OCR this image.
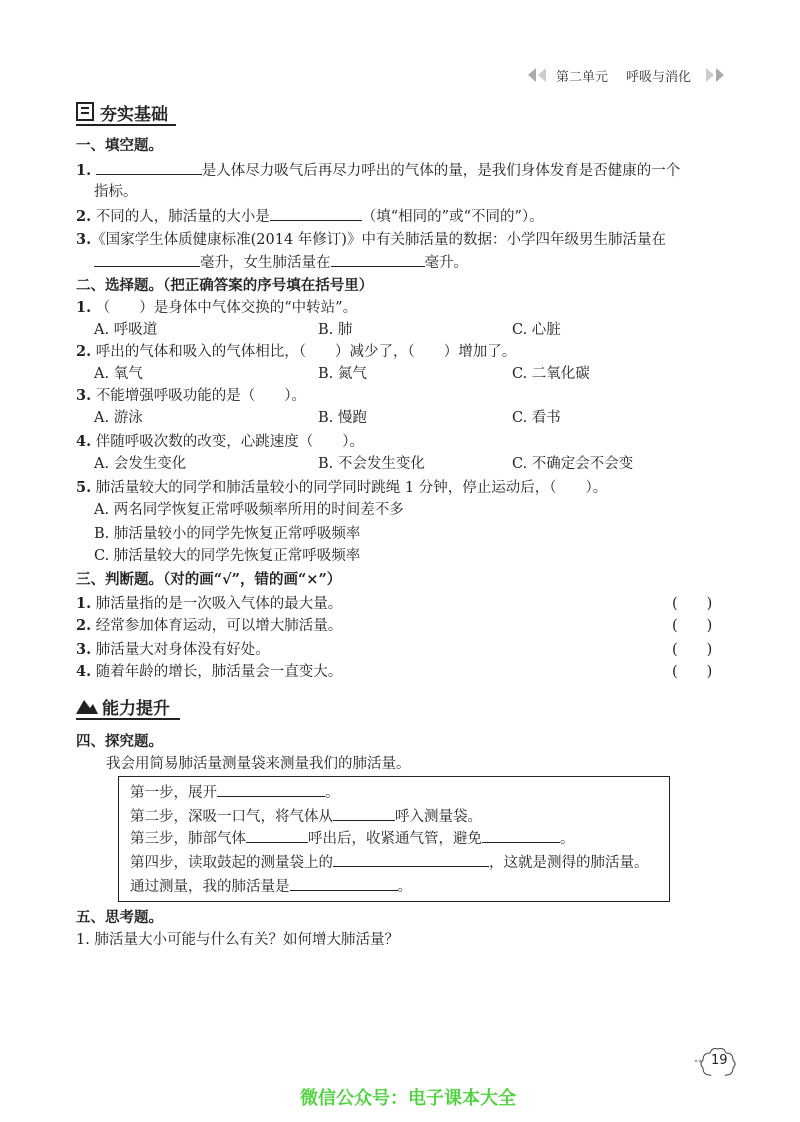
第二单元 呼吸与消化
夯实基础
一、填空题。
1.	是人体尽力吸气后再尽力呼出的气体的量，是我们身体发育是否健康的一个
指标。
2. 不同的人，肺活量的大小是	（填“相同的”或“不同的”）。
3.《国家学生体质健康标准(2014 年修订)》中有关肺活量的数据：小学四年级男生肺活量在
毫升，女生肺活量在	毫升。
二、选择题。（把正确答案的序号填在括号里）
1. （　　）是身体中气体交换的“中转站”。
A. 呼吸道	B. 肺	C. 心脏
2. 呼出的气体和吸入的气体相比，（　　）减少了，（　　）增加了。
A. 氧气	B. 氮气	C. 二氧化碳
3. 不能增强呼吸功能的是（　　）。
A. 游泳	B. 慢跑	C. 看书
4. 伴随呼吸次数的改变，心跳速度（　　）。
A. 会发生变化	B. 不会发生变化	C. 不确定会不会变
5. 肺活量较大的同学和肺活量较小的同学同时跳绳 1 分钟，停止运动后，（　　）。
A. 两名同学恢复正常呼吸频率所用的时间差不多
B. 肺活量较小的同学先恢复正常呼吸频率
C. 肺活量较大的同学先恢复正常呼吸频率
三、判断题。（对的画“√”，错的画“×”）
1. 肺活量指的是一次吸入气体的最大量。	(　　)
2. 经常参加体育运动，可以增大肺活量。	(　　)
3. 肺活量大对身体没有好处。	(　　)
4. 随着年龄的增长，肺活量会一直变大。	(　　)
能力提升
四、探究题。
我会用简易肺活量测量袋来测量我们的肺活量。
第一步，展开	。
第二步，深吸一口气，将气体从	呼入测量袋。
第三步，肺部气体	呼出后，收紧通气管，避免	。
第四步，读取鼓起的测量袋上的	，这就是测得的肺活量。
通过测量，我的肺活量是	。
五、思考题。
1. 肺活量大小可能与什么有关？如何增大肺活量？
19
微信公众号：电子课本大全
